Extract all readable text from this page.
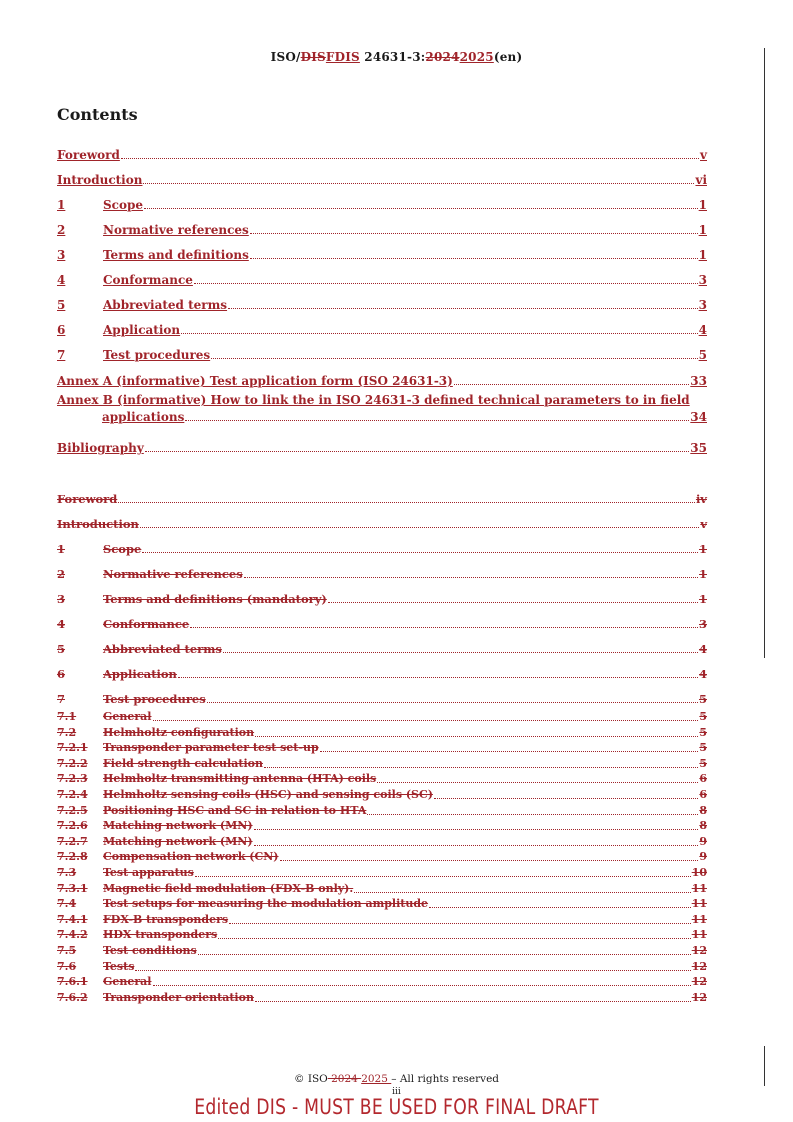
ISO/DISFDIS 24631-3:20242025(en)
Contents
Foreword	v
Introduction	vi
1	Scope	1
2	Normative references	1
3	Terms and definitions	1
4	Conformance	3
5	Abbreviated terms	3
6	Application	4
7	Test procedures	5
Annex A (informative) Test application form (ISO 24631-3)	33
Annex B (informative) How to link the in ISO 24631-3 defined technical parameters to in field
applications	34
Bibliography	35
Foreword	iv
Introduction	v
1	Scope	1
2	Normative references	1
3	Terms and definitions (mandatory)	1
4	Conformance	3
5	Abbreviated terms	4
6	Application	4
7	Test procedures	5
7.1	General	5
7.2	Helmholtz configuration	5
7.2.1	Transponder parameter test set-up	5
7.2.2	Field strength calculation	5
7.2.3	Helmholtz transmitting antenna (HTA) coils	6
7.2.4	Helmholtz sensing coils (HSC) and sensing coils (SC)	6
7.2.5	Positioning HSC and SC in relation to HTA	8
7.2.6	Matching network (MN)	8
7.2.7	Matching network (MN)	9
7.2.8	Compensation network (CN)	9
7.3	Test apparatus	10
7.3.1	Magnetic field modulation (FDX-B only).	11
7.4	Test setups for measuring the modulation amplitude	11
7.4.1	FDX-B transponders	11
7.4.2	HDX transponders	11
7.5	Test conditions	12
7.6	Tests	12
7.6.1	General	12
7.6.2	Transponder orientation	12
© ISO 2024 2025 – All rights reserved
iii
Edited DIS - MUST BE USED FOR FINAL DRAFT
